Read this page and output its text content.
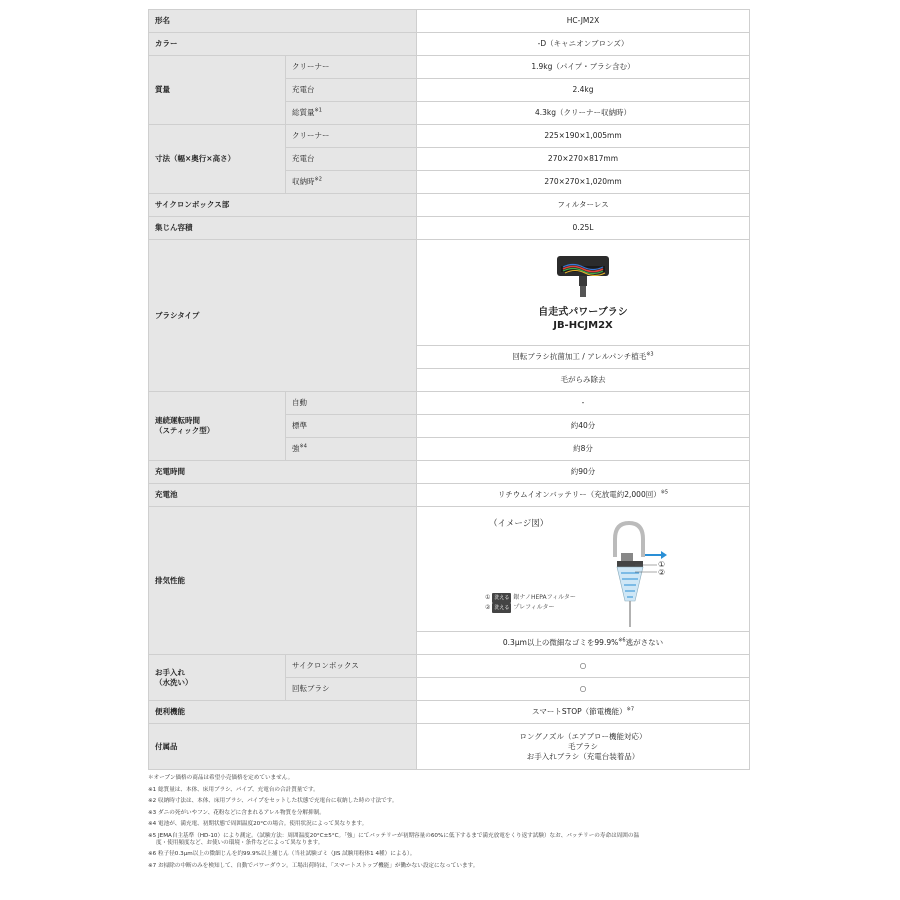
形名		HC-JM2X
カラー		-D（キャニオンブロンズ）
質量	クリーナー	1.9kg（パイプ・ブラシ含む）
	充電台	2.4kg
	総質量$^{※1}$	4.3kg（クリーナー収納時）
寸法（幅×奥行×高さ）	クリーナー	225×190×1,005mm
	充電台	270×270×817mm
	収納時$^{※2}$	270×270×1,020mm
サイクロンボックス部		フィルターレス
集じん容積		0.25L
ブラシタイプ		自走式パワーブラシ
JB-HCJM2X

		回転ブラシ抗菌加工 / アレルパンチ植毛$^{※3}$
		毛がらみ除去
連続運転時間
（スティック型）	自動	-
	標準	約40分
	強$^{※4}$	約8分
充電時間		約90分
充電池		リチウムイオンバッテリー（充放電約2,000回）$^{※5}$
排気性能		（イメージ図）
①
②
① 洗える 銀ナノHEPAフィルター
② 洗える プレフィルター

		0.3μm以上の微細なゴミを99.9%$^{※6}$逃がさない
お手入れ
（水洗い）	サイクロンボックス	○
	回転ブラシ	○
便利機能		スマートSTOP（節電機能）$^{※7}$
付属品		ロングノズル（エアブロー機能対応）
毛ブラシ
お手入れブラシ（充電台装着品）
＊オープン価格の商品は希望小売価格を定めていません。
※1 総質量は、本体、床用ブラシ、パイプ、充電台の合計質量です。
※2 収納時寸法は、本体、床用ブラシ、パイプをセットした状態で充電台に収納した時の寸法です。
※3 ダニの死がいやフン、花粉などに含まれるアレル物質を分解抑制。
※4 電池が、満充電、初期状態で周囲温度20°Cの場合。使用状況によって異なります。
※5 JEMA自主基準（HD-10）により測定。（試験方法：周囲温度20°C±5°C。「強」にてバッテリーが初期容量の60%に低下するまで満充放電をくり返す試験）なお、バッテリーの寿命は周囲の温
度・使用頻度など、お使いの環境・条件などによって異なります。
※6 粒子径0.3μm以上の微細じんを約99.9%以上捕じん（当社試験ゴミ（JIS 試験用粉体1 4種）による）。
※7 お掃除の中断のみを検知して、自動でパワーダウン。工場出荷時は、「スマートストップ機能」が働かない設定になっています。
